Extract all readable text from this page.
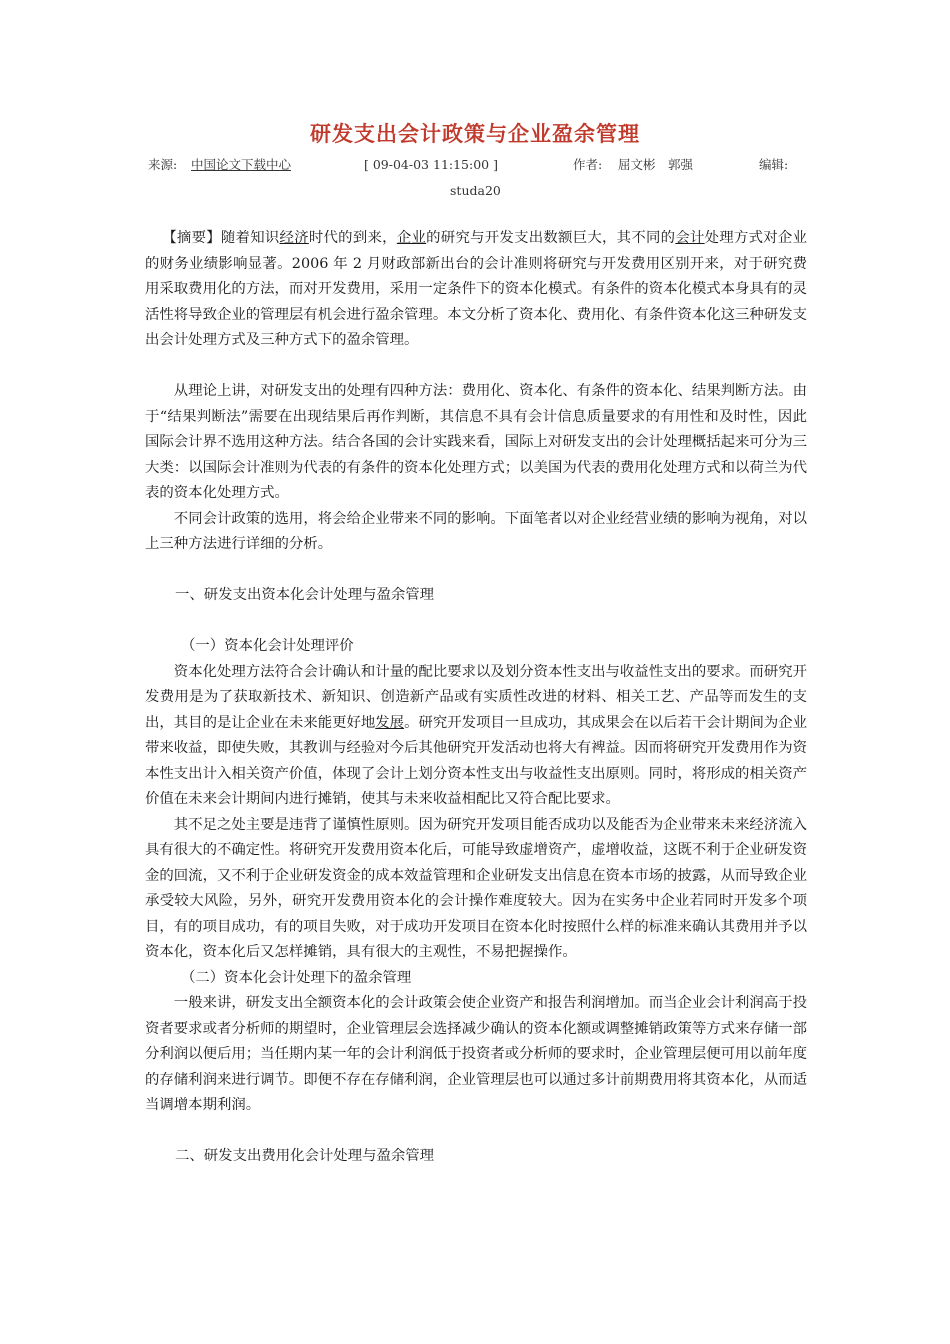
研发支出会计政策与企业盈余管理
来源: 中国论文下载中心	[ 09-04-03 11:15:00 ]	作者: 屈文彬　郭强	编辑:
studa20

【摘要】随着知识经济时代的到来，企业的研究与开发支出数额巨大，其不同的会计处理方式对企业的财务业绩影响显著。2006 年 2 月财政部新出台的会计准则将研究与开发费用区别开来，对于研究费用采取费用化的方法，而对开发费用，采用一定条件下的资本化模式。有条件的资本化模式本身具有的灵活性将导致企业的管理层有机会进行盈余管理。本文分析了资本化、费用化、有条件资本化这三种研发支出会计处理方式及三种方式下的盈余管理。

从理论上讲，对研发支出的处理有四种方法：费用化、资本化、有条件的资本化、结果判断方法。由于“结果判断法”需要在出现结果后再作判断，其信息不具有会计信息质量要求的有用性和及时性，因此国际会计界不选用这种方法。结合各国的会计实践来看，国际上对研发支出的会计处理概括起来可分为三大类：以国际会计准则为代表的有条件的资本化处理方式；以美国为代表的费用化处理方式和以荷兰为代表的资本化处理方式。

不同会计政策的选用，将会给企业带来不同的影响。下面笔者以对企业经营业绩的影响为视角，对以上三种方法进行详细的分析。

一、研发支出资本化会计处理与盈余管理

（一）资本化会计处理评价

资本化处理方法符合会计确认和计量的配比要求以及划分资本性支出与收益性支出的要求。而研究开发费用是为了获取新技术、新知识、创造新产品或有实质性改进的材料、相关工艺、产品等而发生的支出，其目的是让企业在未来能更好地发展。研究开发项目一旦成功，其成果会在以后若干会计期间为企业带来收益，即使失败，其教训与经验对今后其他研究开发活动也将大有裨益。因而将研究开发费用作为资本性支出计入相关资产价值，体现了会计上划分资本性支出与收益性支出原则。同时，将形成的相关资产价值在未来会计期间内进行摊销，使其与未来收益相配比又符合配比要求。

其不足之处主要是违背了谨慎性原则。因为研究开发项目能否成功以及能否为企业带来未来经济流入具有很大的不确定性。将研究开发费用资本化后，可能导致虚增资产，虚增收益，这既不利于企业研发资金的回流，又不利于企业研发资金的成本效益管理和企业研发支出信息在资本市场的披露，从而导致企业承受较大风险，另外，研究开发费用资本化的会计操作难度较大。因为在实务中企业若同时开发多个项目，有的项目成功，有的项目失败，对于成功开发项目在资本化时按照什么样的标准来确认其费用并予以资本化，资本化后又怎样摊销，具有很大的主观性，不易把握操作。

（二）资本化会计处理下的盈余管理

一般来讲，研发支出全额资本化的会计政策会使企业资产和报告利润增加。而当企业会计利润高于投资者要求或者分析师的期望时，企业管理层会选择减少确认的资本化额或调整摊销政策等方式来存储一部分利润以便后用；当任期内某一年的会计利润低于投资者或分析师的要求时，企业管理层便可用以前年度的存储利润来进行调节。即便不存在存储利润，企业管理层也可以通过多计前期费用将其资本化，从而适当调增本期利润。

二、研发支出费用化会计处理与盈余管理
